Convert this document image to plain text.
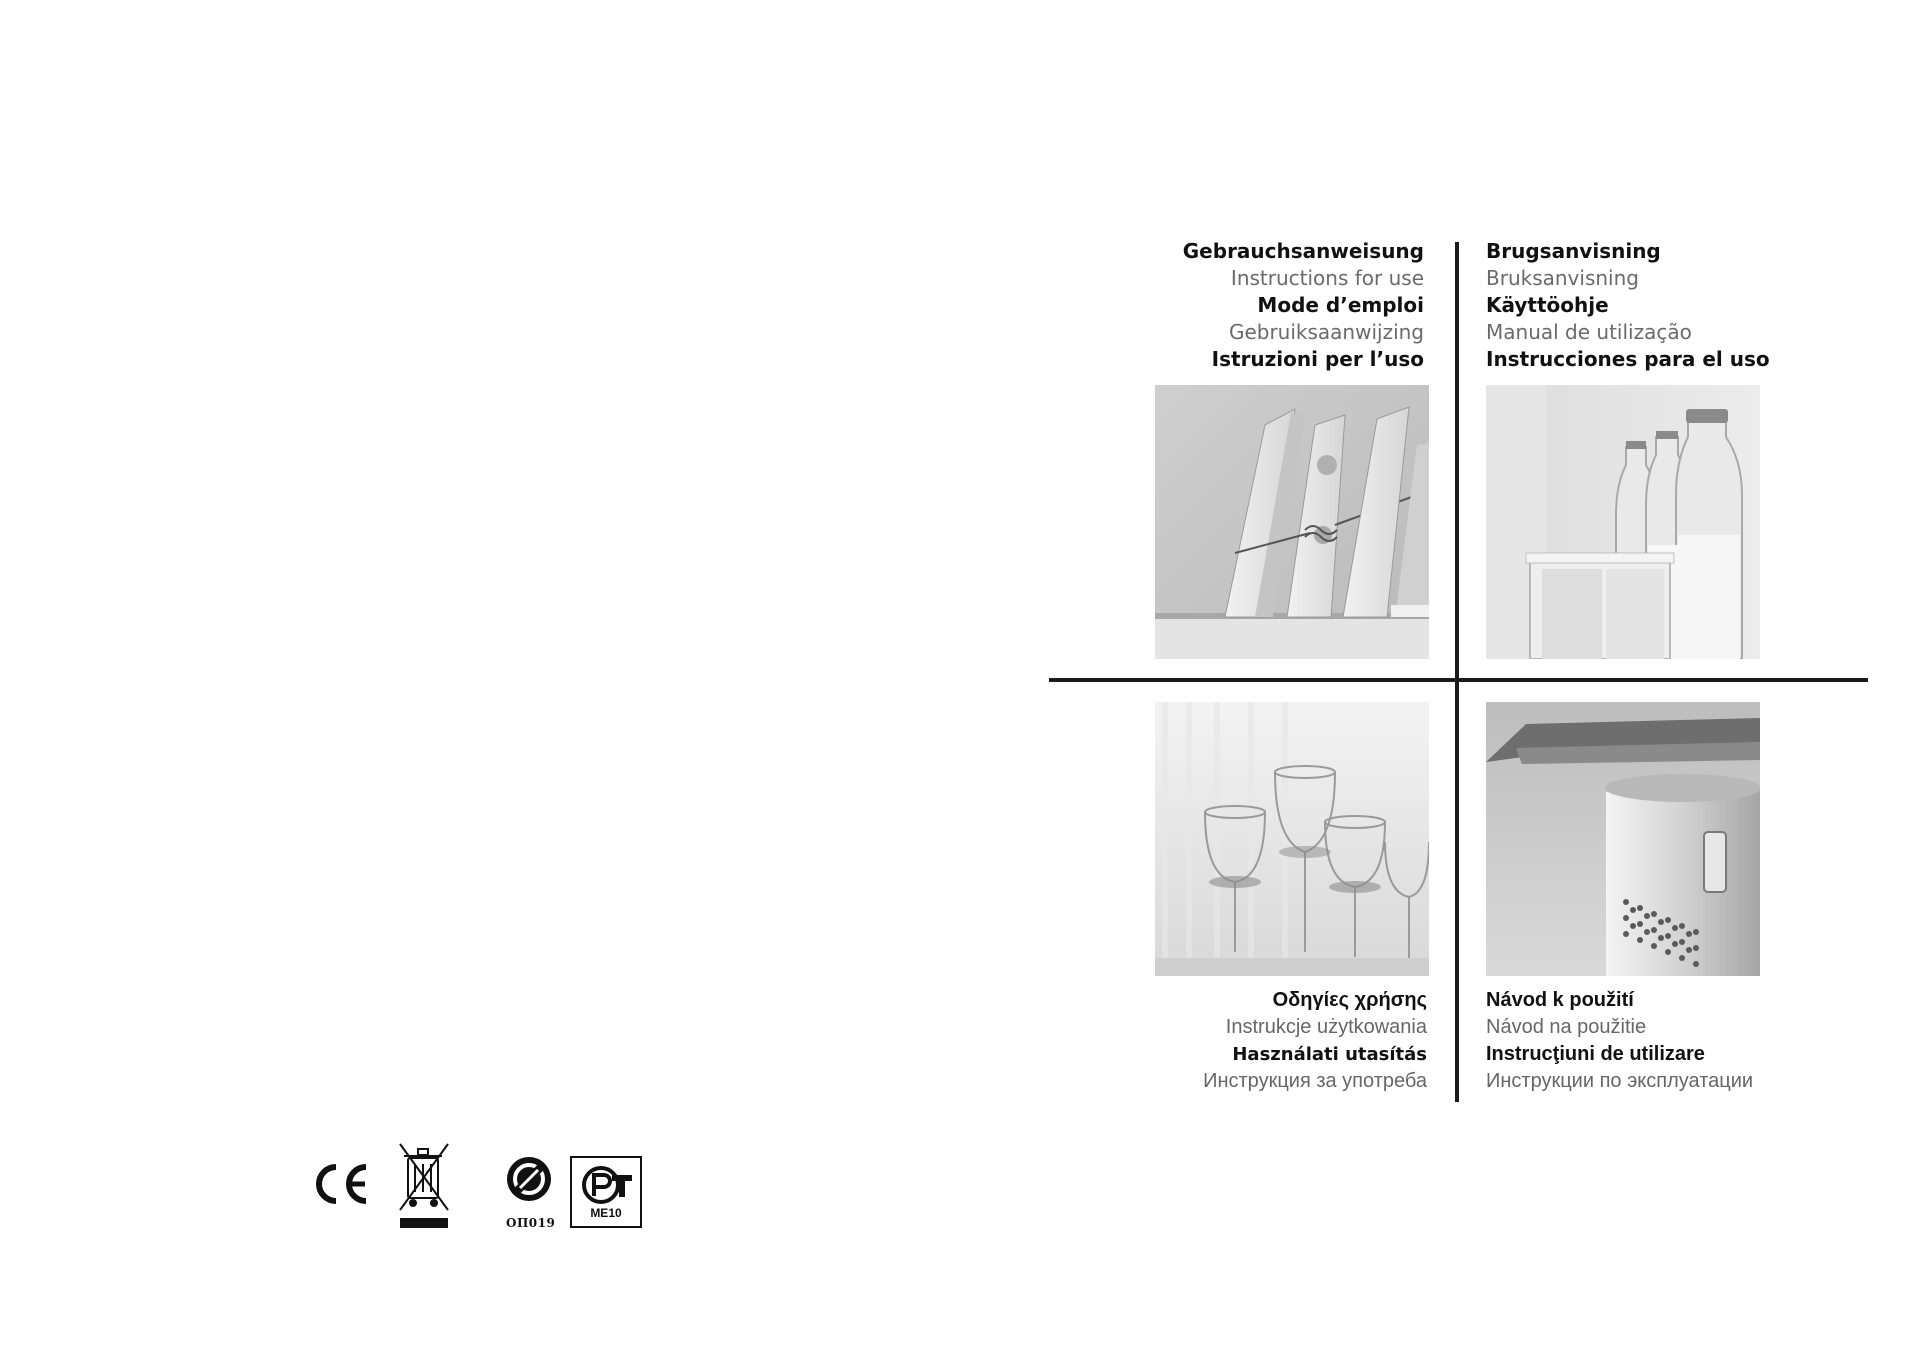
Gebrauchsanweisung
Instructions for use
Mode d’emploi
Gebruiksaanwijzing
Istruzioni per l’uso
Brugsanvisning
Bruksanvisning
Käyttöohje
Manual de utilização
Instrucciones para el uso
Οδηγίες χρήσης
Instrukcje użytkowania
Használati utasítás
Инструкция за употреба
Návod k použití
Návod na použitie
Instrucţiuni de utilizare
Инструкции по эксплуатации
ОП019
ME10
